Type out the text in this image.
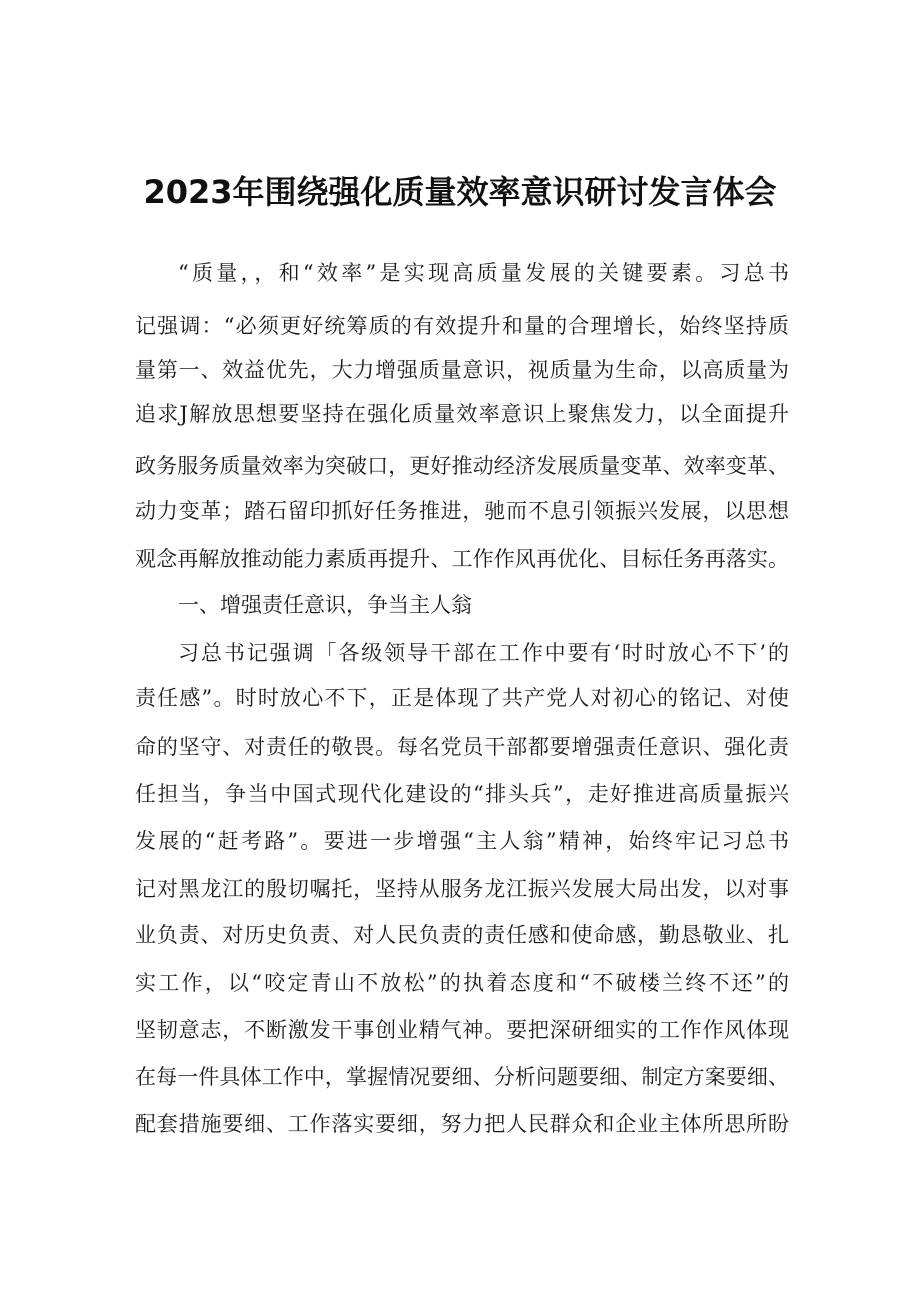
2023年围绕强化质量效率意识研讨发言体会
“质量，，和“效率”是实现高质量发展的关键要素。习总书
记强调：“必须更好统筹质的有效提升和量的合理增长，始终坚持质
量第一、效益优先，大力增强质量意识，视质量为生命，以高质量为
追求J解放思想要坚持在强化质量效率意识上聚焦发力，以全面提升
政务服务质量效率为突破口，更好推动经济发展质量变革、效率变革、
动力变革；踏石留印抓好任务推进，驰而不息引领振兴发展，以思想
观念再解放推动能力素质再提升、工作作风再优化、目标任务再落实。
一、增强责任意识，争当主人翁
习总书记强调「各级领导干部在工作中要有‘时时放心不下’的
责任感”。时时放心不下，正是体现了共产党人对初心的铭记、对使
命的坚守、对责任的敬畏。每名党员干部都要增强责任意识、强化责
任担当，争当中国式现代化建设的“排头兵”，走好推进高质量振兴
发展的“赶考路”。要进一步增强“主人翁”精神，始终牢记习总书
记对黑龙江的殷切嘱托，坚持从服务龙江振兴发展大局出发，以对事
业负责、对历史负责、对人民负责的责任感和使命感，勤恳敬业、扎
实工作，以“咬定青山不放松”的执着态度和“不破楼兰终不还”的
坚韧意志，不断激发干事创业精气神。要把深研细实的工作作风体现
在每一件具体工作中，掌握情况要细、分析问题要细、制定方案要细、
配套措施要细、工作落实要细，努力把人民群众和企业主体所思所盼
